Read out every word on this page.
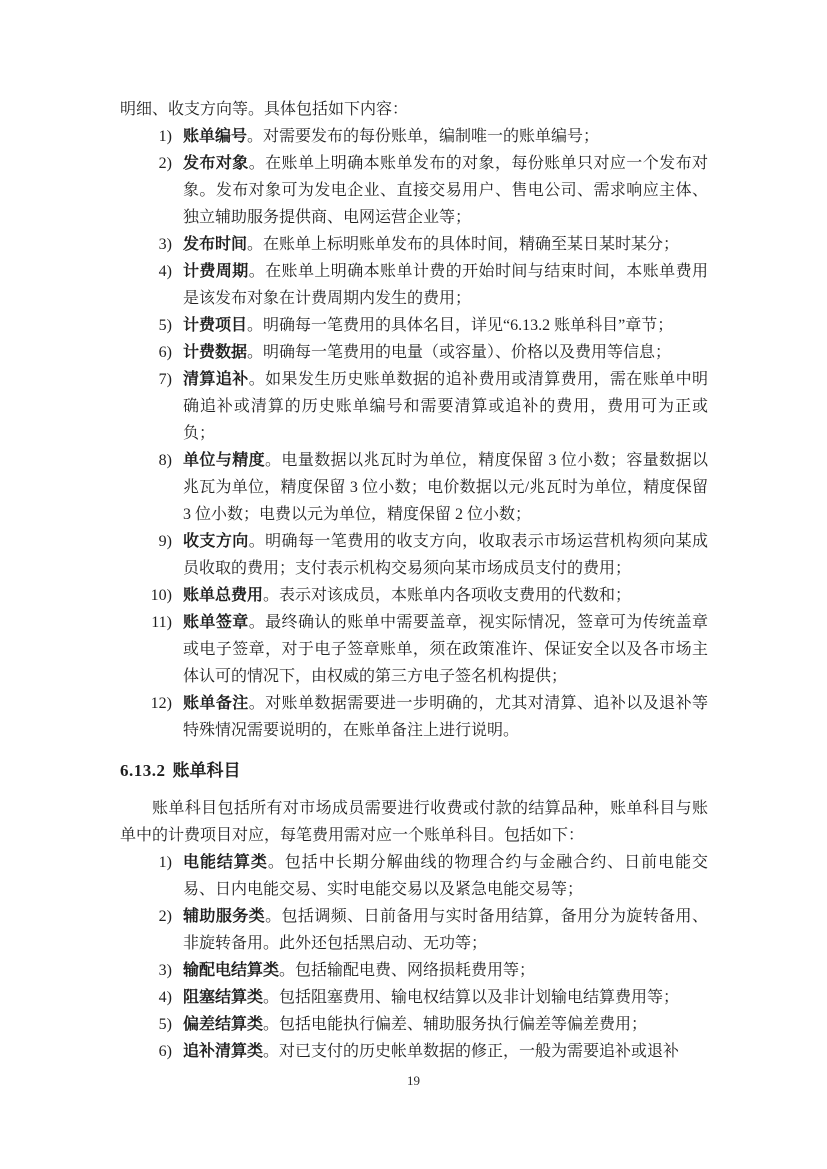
明细、收支方向等。具体包括如下内容：

1) 账单编号。对需要发布的每份账单，编制唯一的账单编号；
2) 发布对象。在账单上明确本账单发布的对象，每份账单只对应一个发布对象。发布对象可为发电企业、直接交易用户、售电公司、需求响应主体、独立辅助服务提供商、电网运营企业等；
3) 发布时间。在账单上标明账单发布的具体时间，精确至某日某时某分；
4) 计费周期。在账单上明确本账单计费的开始时间与结束时间，本账单费用是该发布对象在计费周期内发生的费用；
5) 计费项目。明确每一笔费用的具体名目，详见“6.13.2 账单科目”章节；
6) 计费数据。明确每一笔费用的电量（或容量）、价格以及费用等信息；
7) 清算追补。如果发生历史账单数据的追补费用或清算费用，需在账单中明确追补或清算的历史账单编号和需要清算或追补的费用，费用可为正或负；
8) 单位与精度。电量数据以兆瓦时为单位，精度保留 3 位小数；容量数据以兆瓦为单位，精度保留 3 位小数；电价数据以元/兆瓦时为单位，精度保留 3 位小数；电费以元为单位，精度保留 2 位小数；
9) 收支方向。明确每一笔费用的收支方向，收取表示市场运营机构须向某成员收取的费用；支付表示机构交易须向某市场成员支付的费用；
10) 账单总费用。表示对该成员，本账单内各项收支费用的代数和；
11) 账单签章。最终确认的账单中需要盖章，视实际情况，签章可为传统盖章或电子签章，对于电子签章账单，须在政策准许、保证安全以及各市场主体认可的情况下，由权威的第三方电子签名机构提供；
12) 账单备注。对账单数据需要进一步明确的，尤其对清算、追补以及退补等特殊情况需要说明的，在账单备注上进行说明。
6.13.2 账单科目

账单科目包括所有对市场成员需要进行收费或付款的结算品种，账单科目与账单中的计费项目对应，每笔费用需对应一个账单科目。包括如下：

1) 电能结算类。包括中长期分解曲线的物理合约与金融合约、日前电能交易、日内电能交易、实时电能交易以及紧急电能交易等；
2) 辅助服务类。包括调频、日前备用与实时备用结算，备用分为旋转备用、非旋转备用。此外还包括黑启动、无功等；
3) 输配电结算类。包括输配电费、网络损耗费用等；
4) 阻塞结算类。包括阻塞费用、输电权结算以及非计划输电结算费用等；
5) 偏差结算类。包括电能执行偏差、辅助服务执行偏差等偏差费用；
6) 追补清算类。对已支付的历史帐单数据的修正，一般为需要追补或退补
19
